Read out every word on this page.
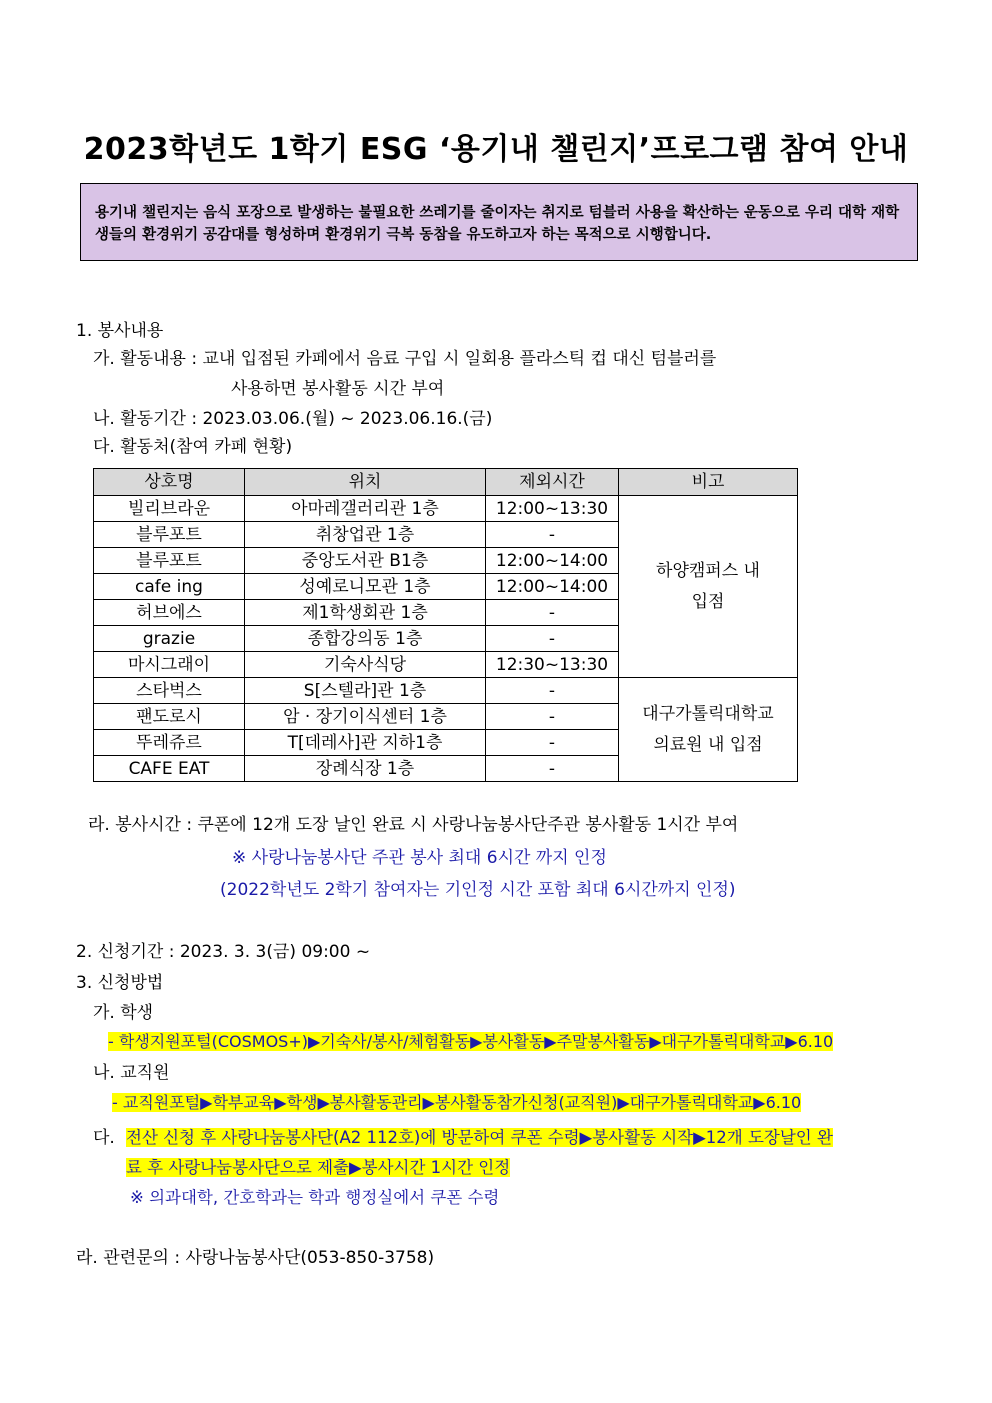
2023학년도 1학기 ESG ‘용기내 챌린지’프로그램 참여 안내
용기내 챌린지는 음식 포장으로 발생하는 불필요한 쓰레기를 줄이자는 취지로 텀블러 사용을 확산하는 운동으로 우리 대학 재학생들의 환경위기 공감대를 형성하며 환경위기 극복 동참을 유도하고자 하는 목적으로 시행합니다.
1. 봉사내용
가. 활동내용 : 교내 입점된 카페에서 음료 구입 시 일회용 플라스틱 컵 대신 텀블러를
사용하면 봉사활동 시간 부여
나. 활동기간 : 2023.03.06.(월) ~ 2023.06.16.(금)
다. 활동처(참여 카페 현황)
상호명	위치	제외시간	비고
빌리브라운	아마레갤러리관 1층	12:00~13:30	하양캠퍼스 내
입점
블루포트	취창업관 1층	-	
블루포트	중앙도서관 B1층	12:00~14:00	
cafe ing	성예로니모관 1층	12:00~14:00	
허브에스	제1학생회관 1층	-	
grazie	종합강의동 1층	-	
마시그래이	기숙사식당	12:30~13:30	
스타벅스	S[스텔라]관 1층	-	대구가톨릭대학교
의료원 내 입점
팬도로시	암 · 장기이식센터 1층	-	
뚜레쥬르	T[데레사]관 지하1층	-	
CAFE EAT	장례식장 1층	-	
라. 봉사시간 : 쿠폰에 12개 도장 날인 완료 시 사랑나눔봉사단주관 봉사활동 1시간 부여
※ 사랑나눔봉사단 주관 봉사 최대 6시간 까지 인정
(2022학년도 2학기 참여자는 기인정 시간 포함 최대 6시간까지 인정)
2. 신청기간 : 2023. 3. 3(금) 09:00 ~
3. 신청방법
가. 학생
- 학생지원포털(COSMOS+)▶기숙사/봉사/체험활동▶봉사활동▶주말봉사활동▶대구가톨릭대학교▶6.10
나. 교직원
- 교직원포털▶학부교육▶학생▶봉사활동관리▶봉사활동참가신청(교직원)▶대구가톨릭대학교▶6.10
다. 전산 신청 후 사랑나눔봉사단(A2 112호)에 방문하여 쿠폰 수령▶봉사활동 시작▶12개 도장날인 완
료 후 사랑나눔봉사단으로 제출▶봉사시간 1시간 인정
※ 의과대학, 간호학과는 학과 행정실에서 쿠폰 수령
라. 관련문의 : 사랑나눔봉사단(053-850-3758)
